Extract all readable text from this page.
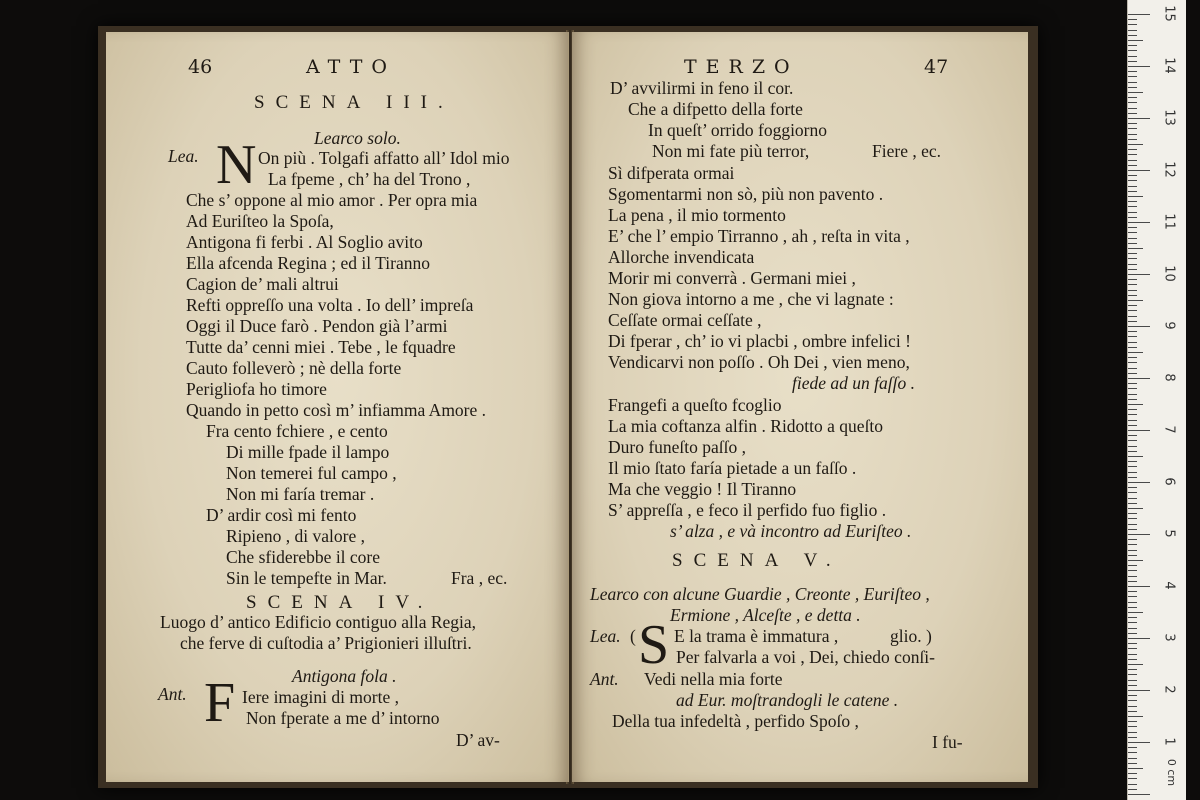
46	ATTO
SCENA III.
Learco solo.
Lea. N On più . Tolgafi affatto all’ Idol mio
La fpeme , ch’ ha del Trono ,
Che s’ oppone al mio amor . Per opra mia
Ad Euriſteo la Spoſa,
Antigona fi ferbi . Al Soglio avito
Ella afcenda Regina ; ed il Tiranno
Cagion de’ mali altrui
Refti oppreſſo una volta . Io dell’ impreſa
Oggi il Duce farò . Pendon già l’armi
Tutte da’ cenni miei . Tebe , le fquadre
Cauto folleverò ; nè della forte
Perigliofa ho timore
Quando in petto così m’ infiamma Amore .
Fra cento fchiere , e cento
Di mille fpade il lampo
Non temerei ful campo ,
Non mi faría tremar .
D’ ardir così mi fento
Ripieno , di valore ,
Che sfiderebbe il core
Sin le tempefte in Mar.	Fra , ec.
SCENA IV.
Luogo d’ antico Edificio contiguo alla Regia,
che ferve di cuſtodia a’ Prigionieri illuſtri.
Antigona fola .
Ant. F Iere imagini di morte ,
Non fperate a me d’ intorno
D’ av-
TERZO	47
D’ avvilirmi in feno il cor.
Che a difpetto della forte
In queſt’ orrido foggiorno
Non mi fate più terror,	Fiere , ec.
Sì difperata ormai
Sgomentarmi non sò, più non pavento .
La pena , il mio tormento
E’ che l’ empio Tirranno , ah , reſta in vita ,
Allorche invendicata
Morir mi converrà . Germani miei ,
Non giova intorno a me , che vi lagnate :
Ceſſate ormai ceſſate ,
Di fperar , ch’ io vi placbi , ombre infelici !
Vendicarvi non poſſo . Oh Dei , vien meno,
fiede ad un faſſo .
Frangefi a queſto fcoglio
La mia coftanza alfin . Ridotto a queſto
Duro funeſto paſſo ,
Il mio ſtato faría pietade a un faſſo .
Ma che veggio ! Il Tiranno
S’ appreſſa , e feco il perfido fuo figlio .
s’ alza , e và incontro ad Euriſteo .
SCENA V.
Learco con alcune Guardie , Creonte , Euriſteo ,
Ermione , Alceſte , e detta .
Lea. ( S E la trama è immatura ,	glio. )
Per falvarla a voi , Dei, chiedo conſi-
Ant. Vedi nella mia forte
ad Eur. moſtrandogli le catene .
Della tua infedeltà , perfido Spoſo ,
I fu-
15
14
13
12
11
10
9
8
7
6
5
4
3
2
1
0 cm
